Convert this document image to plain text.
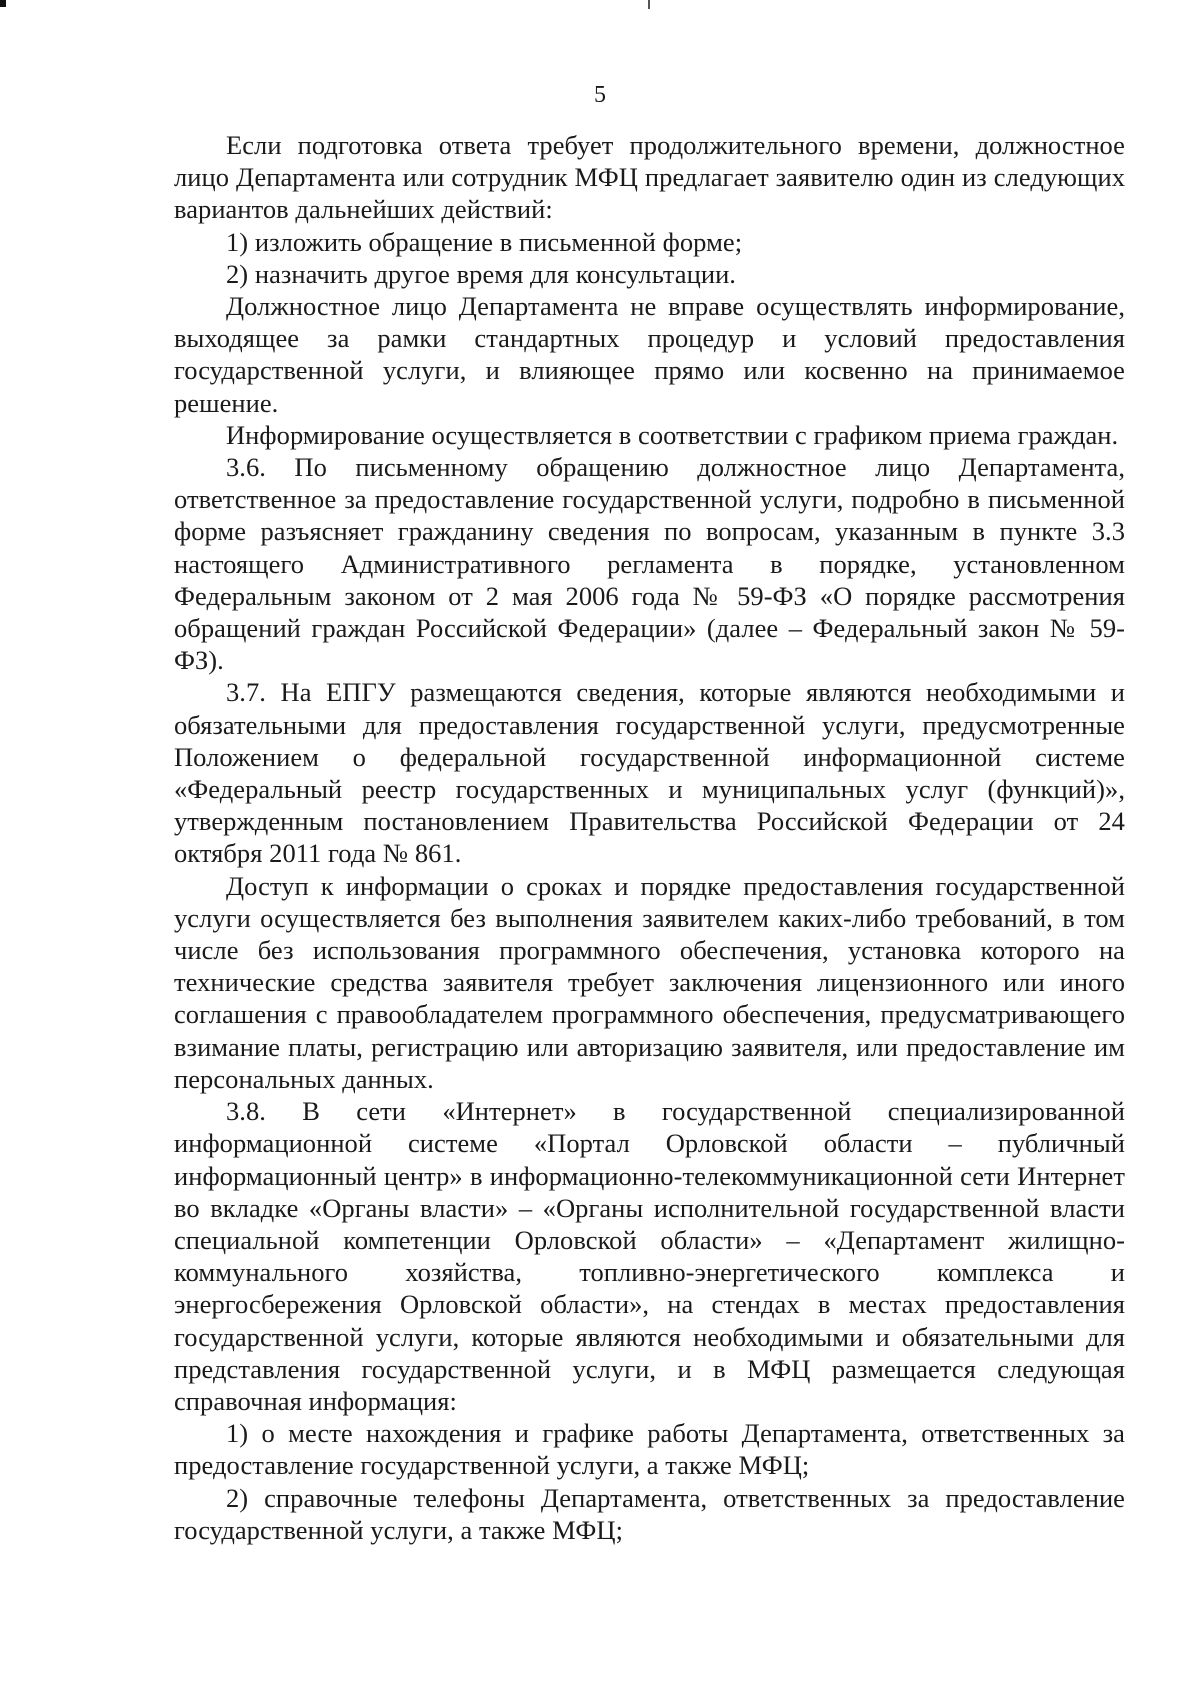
5

Если подготовка ответа требует продолжительного времени, должностное лицо Департамента или сотрудник МФЦ предлагает заявителю один из следующих вариантов дальнейших действий:

1) изложить обращение в письменной форме;

2) назначить другое время для консультации.

Должностное лицо Департамента не вправе осуществлять информирование, выходящее за рамки стандартных процедур и условий предоставления государственной услуги, и влияющее прямо или косвенно на принимаемое решение.

Информирование осуществляется в соответствии с графиком приема граждан.

3.6. По письменному обращению должностное лицо Департамента, ответственное за предоставление государственной услуги, подробно в письменной форме разъясняет гражданину сведения по вопросам, указанным в пункте 3.3 настоящего Административного регламента в порядке, установленном Федеральным законом от 2 мая 2006 года № 59-ФЗ «О порядке рассмотрения обращений граждан Российской Федерации» (далее – Федеральный закон № 59-ФЗ).

3.7. На ЕПГУ размещаются сведения, которые являются необходимыми и обязательными для предоставления государственной услуги, предусмотренные Положением о федеральной государственной информационной системе «Федеральный реестр государственных и муниципальных услуг (функций)», утвержденным постановлением Правительства Российской Федерации от 24 октября 2011 года № 861.

Доступ к информации о сроках и порядке предоставления государственной услуги осуществляется без выполнения заявителем каких-либо требований, в том числе без использования программного обеспечения, установка которого на технические средства заявителя требует заключения лицензионного или иного соглашения с правообладателем программного обеспечения, предусматривающего взимание платы, регистрацию или авторизацию заявителя, или предоставление им персональных данных.

3.8. В сети «Интернет» в государственной специализированной информационной системе «Портал Орловской области – публичный информационный центр» в информационно-телекоммуникационной сети Интернет во вкладке «Органы власти» – «Органы исполнительной государственной власти специальной компетенции Орловской области» – «Департамент жилищно-коммунального хозяйства, топливно-энергетического комплекса и энергосбережения Орловской области», на стендах в местах предоставления государственной услуги, которые являются необходимыми и обязательными для представления государственной услуги, и в МФЦ размещается следующая справочная информация:

1) о месте нахождения и графике работы Департамента, ответственных за предоставление государственной услуги, а также МФЦ;

2) справочные телефоны Департамента, ответственных за предоставление государственной услуги, а также МФЦ;
